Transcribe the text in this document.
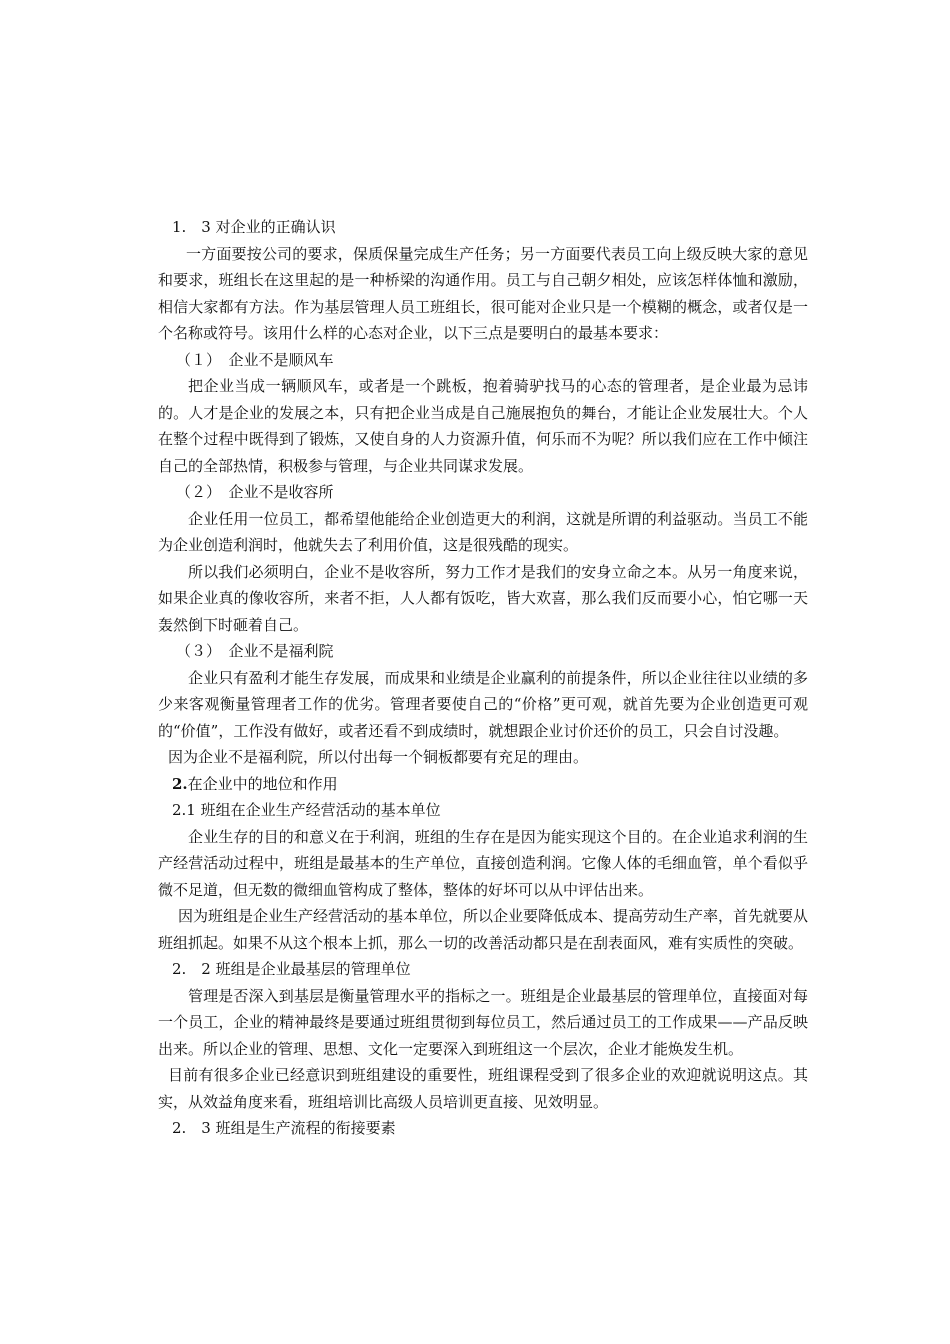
1.　3 对企业的正确认识

一方面要按公司的要求，保质保量完成生产任务；另一方面要代表员工向上级反映大家的意见和要求，班组长在这里起的是一种桥梁的沟通作用。员工与自己朝夕相处，应该怎样体恤和激励，相信大家都有方法。作为基层管理人员工班组长，很可能对企业只是一个模糊的概念，或者仅是一个名称或符号。该用什么样的心态对企业，以下三点是要明白的最基本要求：

（１）　企业不是顺风车

把企业当成一辆顺风车，或者是一个跳板，抱着骑驴找马的心态的管理者，是企业最为忌讳的。人才是企业的发展之本，只有把企业当成是自己施展抱负的舞台，才能让企业发展壮大。个人在整个过程中既得到了锻炼，又使自身的人力资源升值，何乐而不为呢？所以我们应在工作中倾注自己的全部热情，积极参与管理，与企业共同谋求发展。

（２）　企业不是收容所

企业任用一位员工，都希望他能给企业创造更大的利润，这就是所谓的利益驱动。当员工不能为企业创造利润时，他就失去了利用价值，这是很残酷的现实。

所以我们必须明白，企业不是收容所，努力工作才是我们的安身立命之本。从另一角度来说，如果企业真的像收容所，来者不拒，人人都有饭吃，皆大欢喜，那么我们反而要小心，怕它哪一天轰然倒下时砸着自己。

（３）　企业不是福利院

企业只有盈利才能生存发展，而成果和业绩是企业赢利的前提条件，所以企业往往以业绩的多少来客观衡量管理者工作的优劣。管理者要使自己的“价格”更可观，就首先要为企业创造更可观的“价值”，工作没有做好，或者还看不到成绩时，就想跟企业讨价还价的员工，只会自讨没趣。

因为企业不是福利院，所以付出每一个铜板都要有充足的理由。

2.在企业中的地位和作用

2.1 班组在企业生产经营活动的基本单位

企业生存的目的和意义在于利润，班组的生存在是因为能实现这个目的。在企业追求利润的生产经营活动过程中，班组是最基本的生产单位，直接创造利润。它像人体的毛细血管，单个看似乎微不足道，但无数的微细血管构成了整体，整体的好坏可以从中评估出来。

因为班组是企业生产经营活动的基本单位，所以企业要降低成本、提高劳动生产率，首先就要从班组抓起。如果不从这个根本上抓，那么一切的改善活动都只是在刮表面风，难有实质性的突破。

2.　2 班组是企业最基层的管理单位

管理是否深入到基层是衡量管理水平的指标之一。班组是企业最基层的管理单位，直接面对每一个员工，企业的精神最终是要通过班组贯彻到每位员工，然后通过员工的工作成果——产品反映出来。所以企业的管理、思想、文化一定要深入到班组这一个层次，企业才能焕发生机。

目前有很多企业已经意识到班组建设的重要性，班组课程受到了很多企业的欢迎就说明这点。其实，从效益角度来看，班组培训比高级人员培训更直接、见效明显。

2.　3 班组是生产流程的衔接要素
